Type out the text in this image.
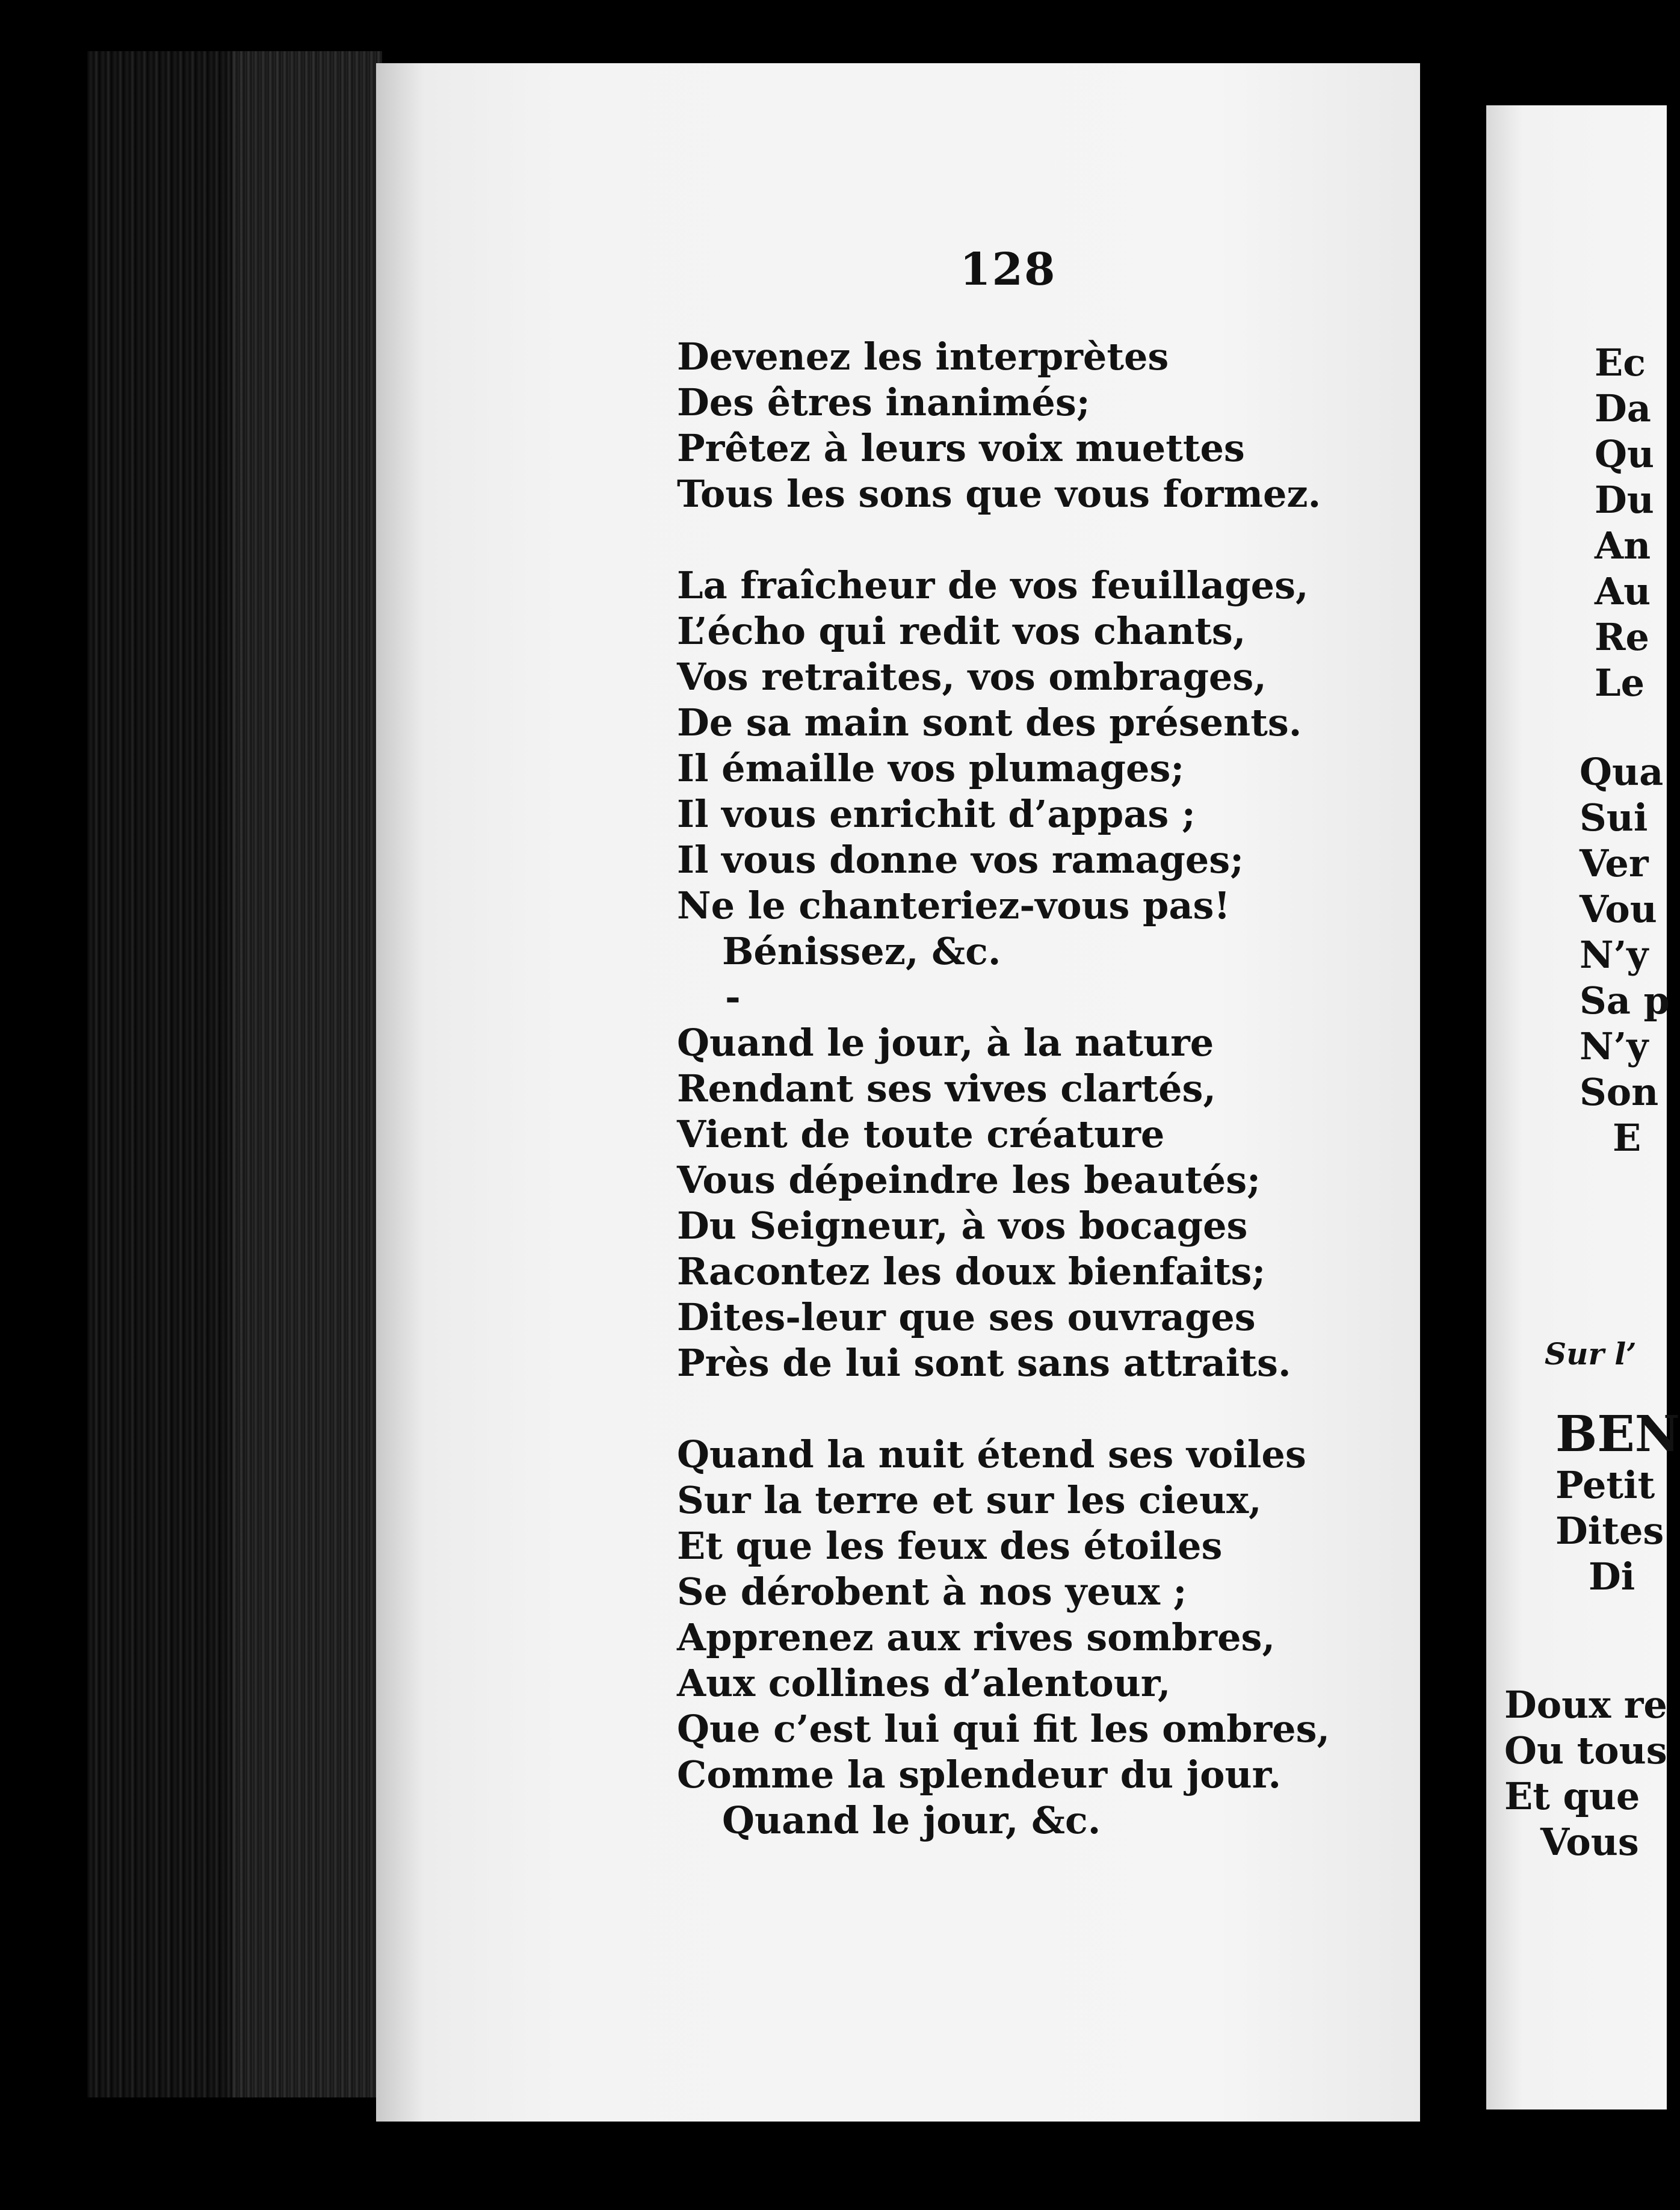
128
Devenez les interprètes
Des êtres inanimés;
Prêtez à leurs voix muettes
Tous les sons que vous formez.
La fraîcheur de vos feuillages,
L’écho qui redit vos chants,
Vos retraites, vos ombrages,
De sa main sont des présents.
Il émaille vos plumages;
Il vous enrichit d’appas ;
Il vous donne vos ramages;
Ne le chanteriez-vous pas!
Bénissez, &c.
-
Quand le jour, à la nature
Rendant ses vives clartés,
Vient de toute créature
Vous dépeindre les beautés;
Du Seigneur, à vos bocages
Racontez les doux bienfaits;
Dites-leur que ses ouvrages
Près de lui sont sans attraits.
Quand la nuit étend ses voiles
Sur la terre et sur les cieux,
Et que les feux des étoiles
Se dérobent à nos yeux ;
Apprenez aux rives sombres,
Aux collines d’alentour,
Que c’est lui qui fit les ombres,
Comme la splendeur du jour.
Quand le jour, &c.
Ec
Da
Qu
Du
An
Au
Re
Le
Qua
Sui
Ver
Vou
N’y
Sa p
N’y
Son
E
Sur l’
BEN
Petit
Dites
Di
Doux re
Ou tous
Et que
Vous
